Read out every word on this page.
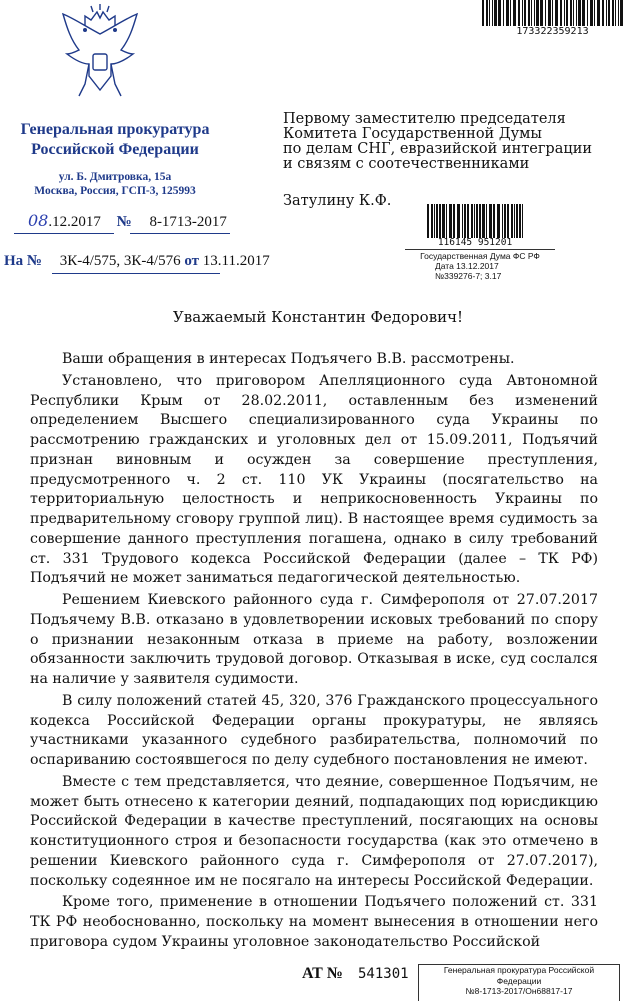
Генеральная прокуратура
Российской Федерации
ул. Б. Дмитровка, 15а
Москва, Россия, ГСП-3, 125993
08.12.2017 № 8-1713-2017
На № 3К-4/575, 3К-4/576 от 13.11.2017
173322359213
Первому заместителю председателя
Комитета Государственной Думы
по делам СНГ, евразийской интеграции
и связям с соотечественниками
Затулину К.Ф.
116145 951201
Государственная Дума ФС РФ
Дата 13.12.2017
№339276-7; 3.17
Уважаемый Константин Федорович!

Ваши обращения в интересах Подъячего В.В. рассмотрены.

Установлено, что приговором Апелляционного суда Автономной Республики Крым от 28.02.2011, оставленным без изменений определением Высшего специализированного суда Украины по рассмотрению гражданских и уголовных дел от 15.09.2011, Подъячий признан виновным и осужден за совершение преступления, предусмотренного ч. 2 ст. 110 УК Украины (посягательство на территориальную целостность и неприкосновенность Украины по предварительному сговору группой лиц). В настоящее время судимость за совершение данного преступления погашена, однако в силу требований ст. 331 Трудового кодекса Российской Федерации (далее – ТК РФ) Подъячий не может заниматься педагогической деятельностью.

Решением Киевского районного суда г. Симферополя от 27.07.2017 Подъячему В.В. отказано в удовлетворении исковых требований по спору о признании незаконным отказа в приеме на работу, возложении обязанности заключить трудовой договор. Отказывая в иске, суд сослался на наличие у заявителя судимости.

В силу положений статей 45, 320, 376 Гражданского процессуального кодекса Российской Федерации органы прокуратуры, не являясь участниками указанного судебного разбирательства, полномочий по оспариванию состоявшегося по делу судебного постановления не имеют.

Вместе с тем представляется, что деяние, совершенное Подъячим, не может быть отнесено к категории деяний, подпадающих под юрисдикцию Российской Федерации в качестве преступлений, посягающих на основы конституционного строя и безопасности государства (как это отмечено в решении Киевского районного суда г. Симферополя от 27.07.2017), поскольку содеянное им не посягало на интересы Российской Федерации.

Кроме того, применение в отношении Подъячего положений ст. 331 ТК РФ необоснованно, поскольку на момент вынесения в отношении него приговора судом Украины уголовное законодательство Российской

АТ № 541301	Генеральная прокуратура Российской
Федерации
№8-1713-2017/Он68817-17
